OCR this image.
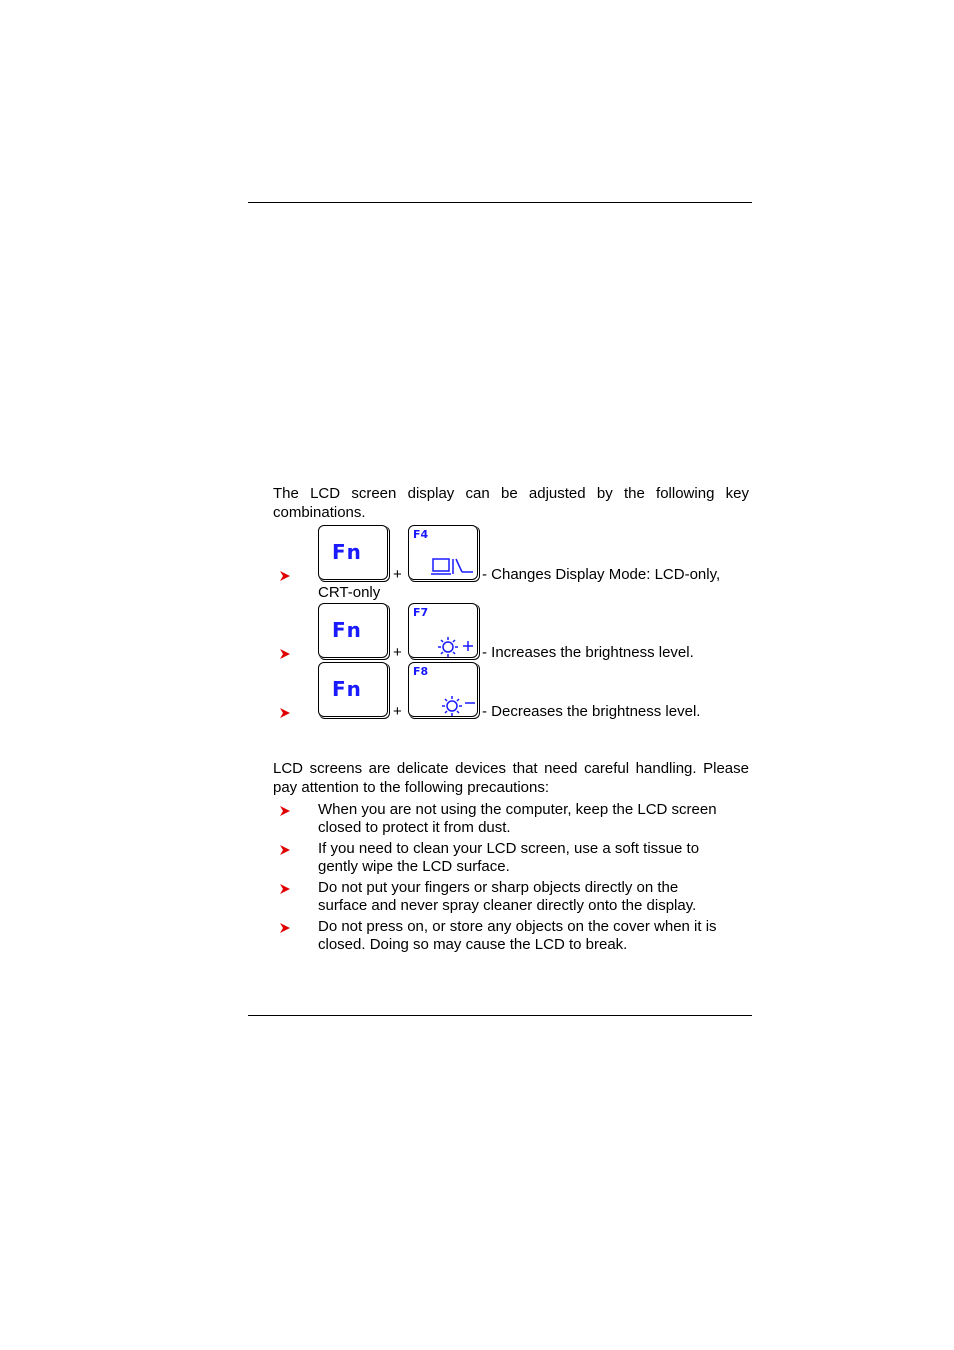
The LCD screen display can be adjusted by the following key combinations.
Fn
+
F4
- Changes Display Mode: LCD-only,
CRT-only
Fn
+
F7
- Increases the brightness level.
Fn
+
F8
- Decreases the brightness level.
LCD screens are delicate devices that need careful handling. Please pay attention to the following precautions:
When you are not using the computer, keep the LCD screen
closed to protect it from dust.
If you need to clean your LCD screen, use a soft tissue to
gently wipe the LCD surface.
Do not put your fingers or sharp objects directly on the
surface and never spray cleaner directly onto the display.
Do not press on, or store any objects on the cover when it is
closed. Doing so may cause the LCD to break.
